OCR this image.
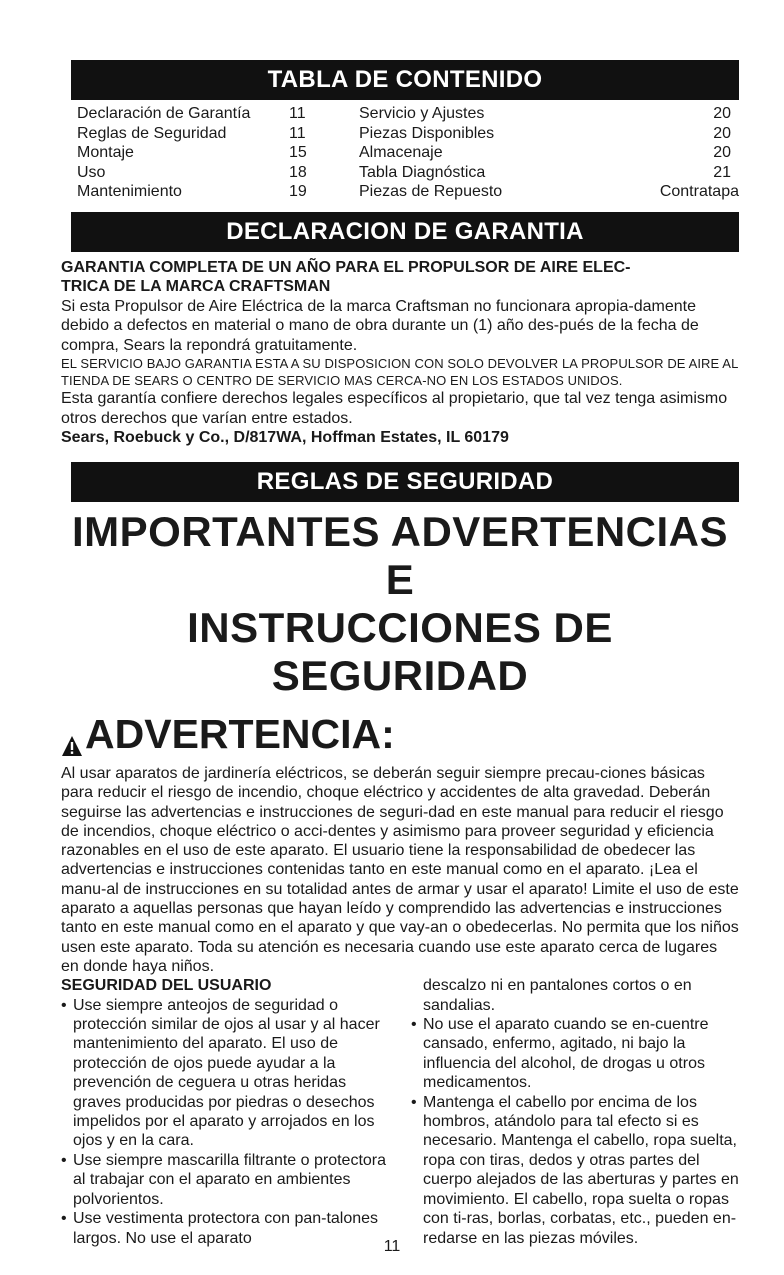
TABLA DE CONTENIDO
Declaración de Garantía	11	Servicio y Ajustes	20
Reglas de Seguridad	11	Piezas Disponibles	20
Montaje	15	Almacenaje	20
Uso	18	Tabla Diagnóstica	21
Mantenimiento	19	Piezas de Repuesto	Contratapa
DECLARACION DE GARANTIA
GARANTIA COMPLETA DE UN AÑO PARA EL PROPULSOR DE AIRE ELEC-
TRICA DE LA MARCA CRAFTSMAN
Si esta Propulsor de Aire Eléctrica de la marca Craftsman no funcionara apropia-damente debido a defectos en material o mano de obra durante un (1) año des-pués de la fecha de compra, Sears la repondrá gratuitamente.
EL SERVICIO BAJO GARANTIA ESTA A SU DISPOSICION CON SOLO DEVOLVER LA PROPULSOR DE AIRE AL TIENDA DE SEARS O CENTRO DE SERVICIO MAS CERCA-NO EN LOS ESTADOS UNIDOS.
Esta garantía confiere derechos legales específicos al propietario, que tal vez tenga asimismo otros derechos que varían entre estados.
Sears, Roebuck y Co., D/817WA, Hoffman Estates, IL 60179
REGLAS DE SEGURIDAD
IMPORTANTES ADVERTENCIAS E
INSTRUCCIONES DE SEGURIDAD
ADVERTENCIA:
Al usar aparatos de jardinería eléctricos, se deberán seguir siempre precau-ciones básicas para reducir el riesgo de incendio, choque eléctrico y accidentes de alta gravedad. Deberán seguirse las advertencias e instrucciones de seguri-dad en este manual para reducir el riesgo de incendios, choque eléctrico o acci-dentes y asimismo para proveer seguridad y eficiencia razonables en el uso de este aparato. El usuario tiene la responsabilidad de obedecer las advertencias e instrucciones contenidas tanto en este manual como en el aparato. ¡Lea el manu-al de instrucciones en su totalidad antes de armar y usar el aparato! Limite el uso de este aparato a aquellas personas que hayan leído y comprendido las advertencias e instrucciones tanto en este manual como en el aparato y que vay-an o obedecerlas. No permita que los niños usen este aparato. Toda su atención es necesaria cuando use este aparato cerca de lugares en donde haya niños.
SEGURIDAD DEL USUARIO
• Use siempre anteojos de seguridad o protección similar de ojos al usar y al hacer mantenimiento del aparato. El uso de protección de ojos puede ayudar a la prevención de ceguera u otras heridas graves producidas por piedras o desechos impelidos por el aparato y arrojados en los ojos y en la cara.
• Use siempre mascarilla filtrante o protectora al trabajar con el aparato en ambientes polvorientos.
• Use vestimenta protectora con pan-talones largos. No use el aparato
descalzo ni en pantalones cortos o en sandalias.
• No use el aparato cuando se en-cuentre cansado, enfermo, agitado, ni bajo la influencia del alcohol, de drogas u otros medicamentos.
• Mantenga el cabello por encima de los hombros, atándolo para tal efecto si es necesario. Mantenga el cabello, ropa suelta, ropa con tiras, dedos y otras partes del cuerpo alejados de las aberturas y partes en movimiento. El cabello, ropa suelta o ropas con ti-ras, borlas, corbatas, etc., pueden en-redarse en las piezas móviles.
11
